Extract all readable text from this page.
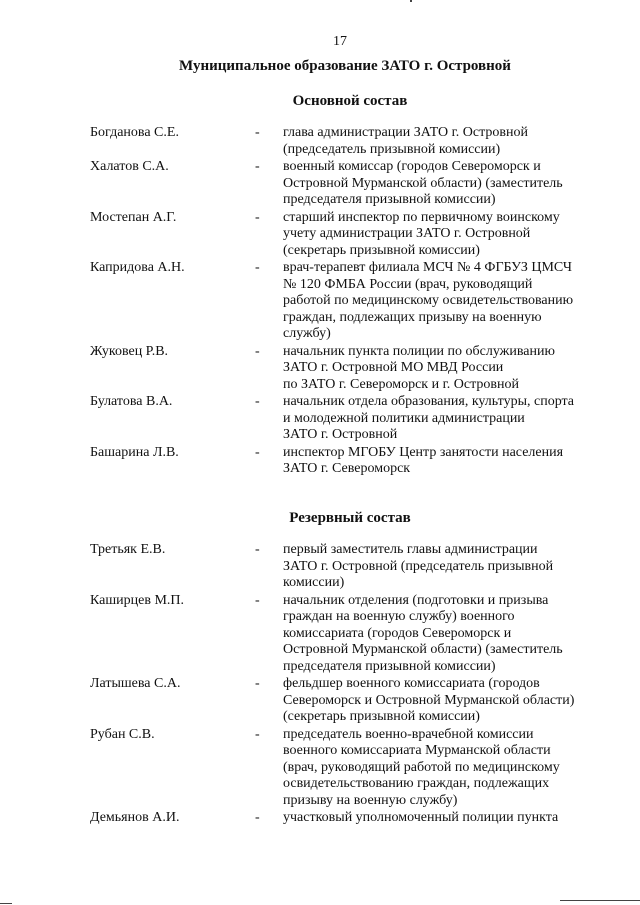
17
Муниципальное образование ЗАТО г. Островной
Основной состав
Богданова С.Е.	-	глава администрации ЗАТО г. Островной
(председатель призывной комиссии)
Халатов С.А.	-	военный комиссар (городов Североморск и
Островной Мурманской области) (заместитель
председателя призывной комиссии)
Мостепан А.Г.	-	старший инспектор по первичному воинскому
учету администрации ЗАТО г. Островной
(секретарь призывной комиссии)
Капридова А.Н.	-	врач-терапевт филиала МСЧ № 4 ФГБУЗ ЦМСЧ
№ 120 ФМБА России (врач, руководящий
работой по медицинскому освидетельствованию
граждан, подлежащих призыву на военную
службу)
Жуковец Р.В.	-	начальник пункта полиции по обслуживанию
ЗАТО г. Островной МО МВД России
по ЗАТО г. Североморск и г. Островной
Булатова В.А.	-	начальник отдела образования, культуры, спорта
и молодежной политики администрации
ЗАТО г. Островной
Башарина Л.В.	-	инспектор МГОБУ Центр занятости населения
ЗАТО г. Североморск
Резервный состав
Третьяк Е.В.	-	первый заместитель главы администрации
ЗАТО г. Островной (председатель призывной
комиссии)
Каширцев М.П.	-	начальник отделения (подготовки и призыва
граждан на военную службу) военного
комиссариата (городов Североморск и
Островной Мурманской области) (заместитель
председателя призывной комиссии)
Латышева С.А.	-	фельдшер военного комиссариата (городов
Североморск и Островной Мурманской области)
(секретарь призывной комиссии)
Рубан С.В.	-	председатель военно-врачебной комиссии
военного комиссариата Мурманской области
(врач, руководящий работой по медицинскому
освидетельствованию граждан, подлежащих
призыву на военную службу)
Демьянов А.И.	-	участковый уполномоченный полиции пункта
